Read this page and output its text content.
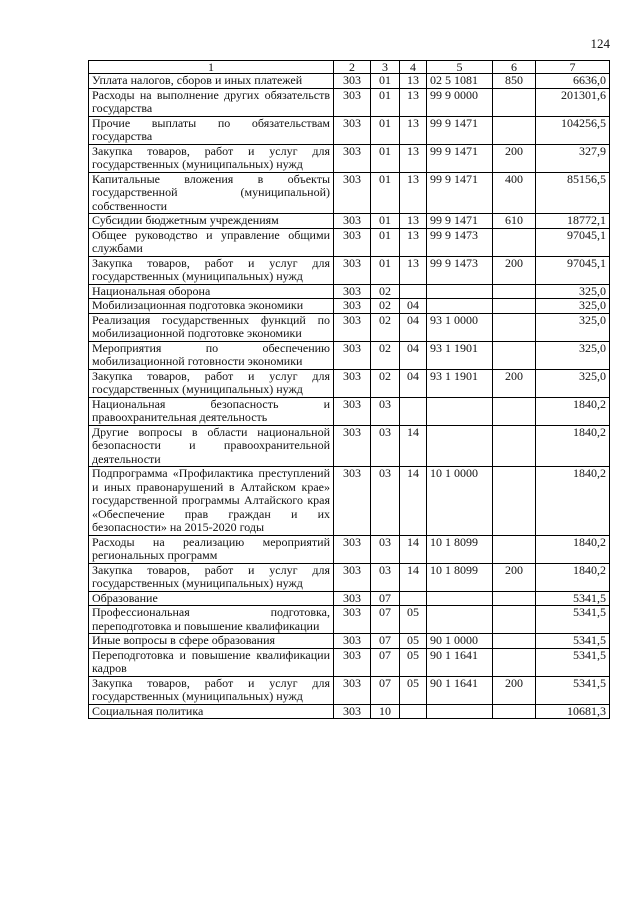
124
1	2	3	4	5	6	7
Уплата налогов, сборов и иных платежей	303	01	13	02 5 1081	850	6636,0
Расходы на выполнение других обязательств государства	303	01	13	99 9 0000		201301,6
Прочие выплаты по обязательствам государства	303	01	13	99 9 1471		104256,5
Закупка товаров, работ и услуг для государственных (муниципальных) нужд	303	01	13	99 9 1471	200	327,9
Капитальные вложения в объекты государственной (муниципальной) собственности	303	01	13	99 9 1471	400	85156,5
Субсидии бюджетным учреждениям	303	01	13	99 9 1471	610	18772,1
Общее руководство и управление общими службами	303	01	13	99 9 1473		97045,1
Закупка товаров, работ и услуг для государственных (муниципальных) нужд	303	01	13	99 9 1473	200	97045,1
Национальная оборона	303	02				325,0
Мобилизационная подготовка экономики	303	02	04			325,0
Реализация государственных функций по мобилизационной подготовке экономики	303	02	04	93 1 0000		325,0
Мероприятия по обеспечению мобилизационной готовности экономики	303	02	04	93 1 1901		325,0
Закупка товаров, работ и услуг для государственных (муниципальных) нужд	303	02	04	93 1 1901	200	325,0
Национальная безопасность и правоохранительная деятельность	303	03				1840,2
Другие вопросы в области национальной безопасности и правоохранительной деятельности	303	03	14			1840,2
Подпрограмма «Профилактика преступлений и иных правонарушений в Алтайском крае» государственной программы Алтайского края «Обеспечение прав граждан и их безопасности» на 2015-2020 годы	303	03	14	10 1 0000		1840,2
Расходы на реализацию мероприятий региональных программ	303	03	14	10 1 8099		1840,2
Закупка товаров, работ и услуг для государственных (муниципальных) нужд	303	03	14	10 1 8099	200	1840,2
Образование	303	07				5341,5
Профессиональная подготовка, переподготовка и повышение квалификации	303	07	05			5341,5
Иные вопросы в сфере образования	303	07	05	90 1 0000		5341,5
Переподготовка и повышение квалификации кадров	303	07	05	90 1 1641		5341,5
Закупка товаров, работ и услуг для государственных (муниципальных) нужд	303	07	05	90 1 1641	200	5341,5
Социальная политика	303	10				10681,3
